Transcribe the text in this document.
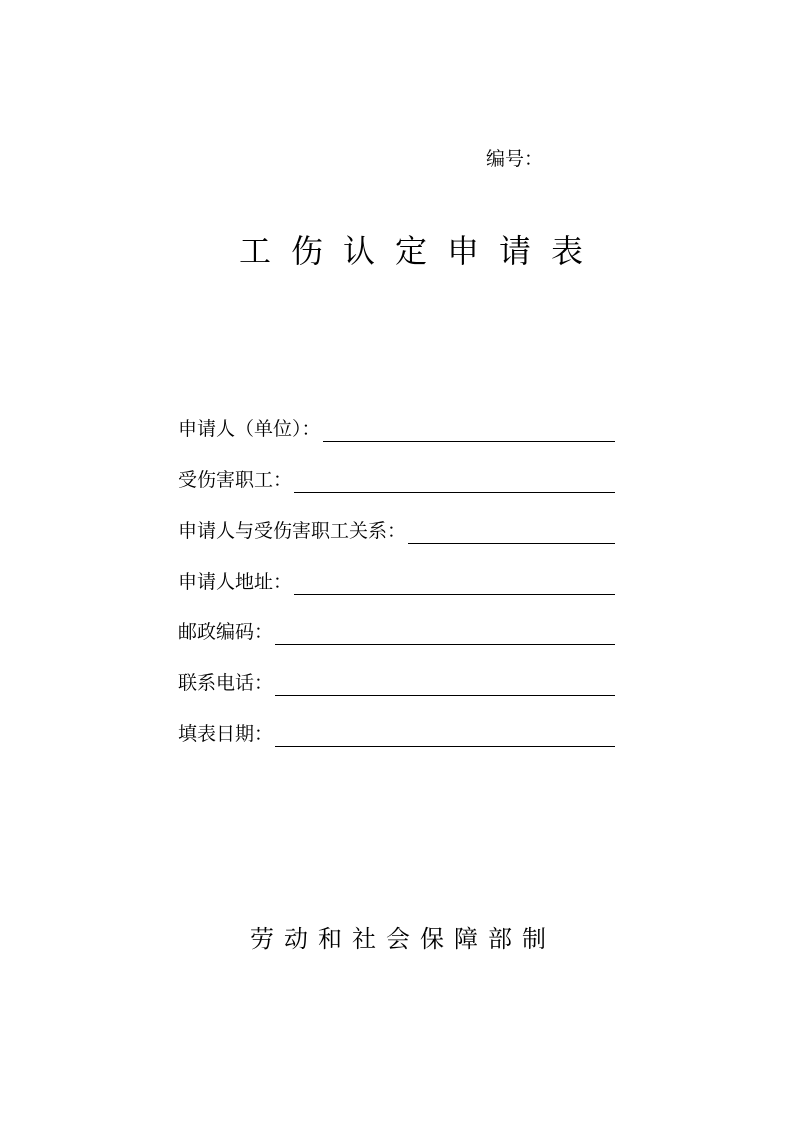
编号：
工伤认定申请表
申请人（单位）：
受伤害职工：
申请人与受伤害职工关系：
申请人地址：
邮政编码：
联系电话：
填表日期：
劳动和社会保障部制
